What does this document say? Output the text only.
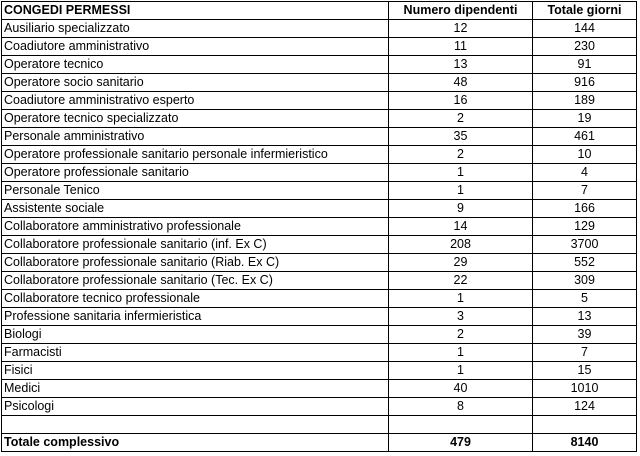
CONGEDI PERMESSI	Numero dipendenti	Totale giorni
Ausiliario specializzato	12	144
Coadiutore amministrativo	11	230
Operatore tecnico	13	91
Operatore socio sanitario	48	916
Coadiutore amministrativo esperto	16	189
Operatore tecnico specializzato	2	19
Personale amministrativo	35	461
Operatore professionale sanitario personale infermieristico	2	10
Operatore professionale sanitario	1	4
Personale Tenico	1	7
Assistente sociale	9	166
Collaboratore amministrativo professionale	14	129
Collaboratore professionale sanitario (inf. Ex C)	208	3700
Collaboratore professionale sanitario (Riab. Ex C)	29	552
Collaboratore professionale sanitario (Tec. Ex C)	22	309
Collaboratore tecnico professionale	1	5
Professione sanitaria infermieristica	3	13
Biologi	2	39
Farmacisti	1	7
Fisici	1	15
Medici	40	1010
Psicologi	8	124

Totale complessivo	479	8140
